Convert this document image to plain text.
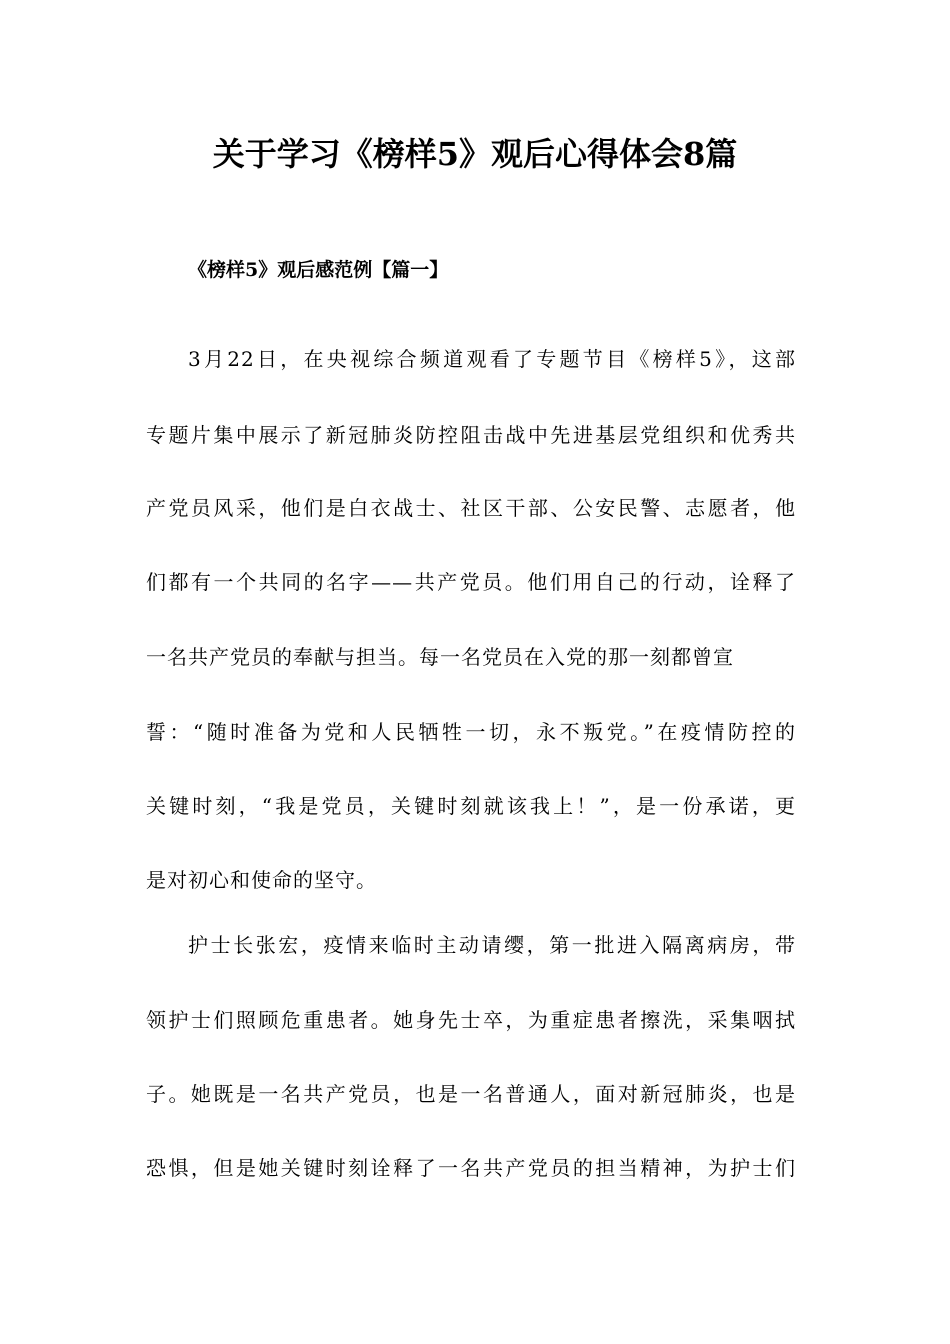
关于学习《榜样5》观后心得体会8篇
《榜样5》观后感范例【篇一】
3月22日，在央视综合频道观看了专题节目《榜样5》，这部
专题片集中展示了新冠肺炎防控阻击战中先进基层党组织和优秀共
产党员风采，他们是白衣战士、社区干部、公安民警、志愿者，他
们都有一个共同的名字——共产党员。他们用自己的行动，诠释了
一名共产党员的奉献与担当。每一名党员在入党的那一刻都曾宣
誓：“随时准备为党和人民牺牲一切，永不叛党。”在疫情防控的
关键时刻，“我是党员，关键时刻就该我上！”，是一份承诺，更
是对初心和使命的坚守。
护士长张宏，疫情来临时主动请缨，第一批进入隔离病房，带
领护士们照顾危重患者。她身先士卒，为重症患者擦洗，采集咽拭
子。她既是一名共产党员，也是一名普通人，面对新冠肺炎，也是
恐惧，但是她关键时刻诠释了一名共产党员的担当精神，为护士们
